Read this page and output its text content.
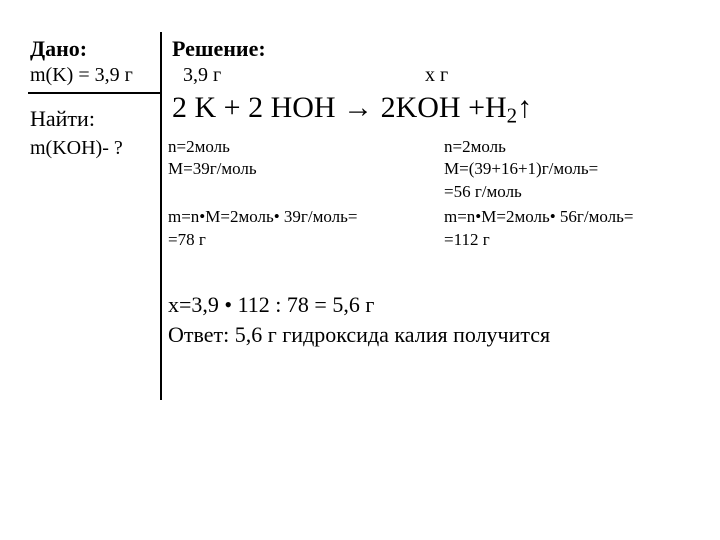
Дано:
m(K) = 3,9 г
Найти:
m(KOH)- ?
Решение:
3,9 г	х г
2 K + 2 HOH → $2KOH +H_2↑$
n=2моль
M=39г/моль
m=n•M=2моль• 39г/моль=
=78 г
n=2моль
M=(39+16+1)г/моль=
=56 г/моль
m=n•M=2моль• 56г/моль=
=112 г
х=3,9 • 112 : 78 = 5,6 г
Ответ: 5,6 г гидроксида калия получится
